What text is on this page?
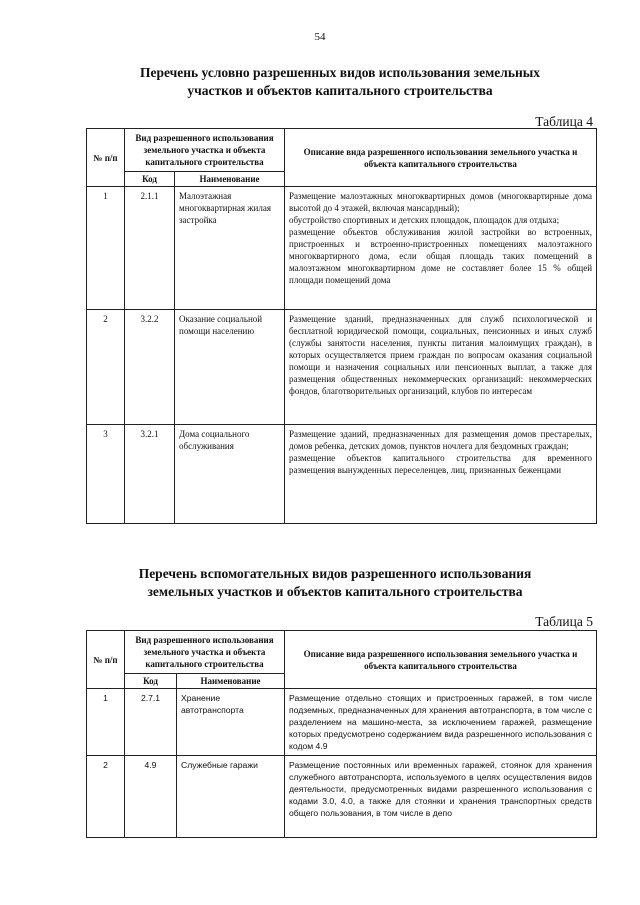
54
Перечень условно разрешенных видов использования земельных
участков и объектов капитального строительства
Таблица 4
№ п/п	Вид разрешенного использования земельного участка и объекта капитального строительства		Описание вида разрешенного использования земельного участка и объекта капитального строительства
	Код	Наименование	
1	2.1.1	Малоэтажная многоквартирная жилая застройка	Размещение малоэтажных многоквартирных домов (многоквартирные дома высотой до 4 этажей, включая мансардный);
обустройство спортивных и детских площадок, площадок для отдыха;
размещение объектов обслуживания жилой застройки во встроенных, пристроенных и встроенно-пристроенных помещениях малоэтажного многоквартирного дома, если общая площадь таких помещений в малоэтажном многоквартирном доме не составляет более 15 % общей площади помещений дома

2	3.2.2	Оказание социальной помощи населению	Размещение зданий, предназначенных для служб психологической и бесплатной юридической помощи, социальных, пенсионных и иных служб (службы занятости населения, пункты питания малоимущих граждан), в которых осуществляется прием граждан по вопросам оказания социальной помощи и назначения социальных или пенсионных выплат, а также для размещения общественных некоммерческих организаций: некоммерческих фондов, благотворительных организаций, клубов по интересам

3	3.2.1	Дома социального обслуживания	Размещение зданий, предназначенных для размещения домов престарелых, домов ребенка, детских домов, пунктов ночлега для бездомных граждан;
размещение объектов капитального строительства для временного размещения вынужденных переселенцев, лиц, признанных беженцами
Перечень вспомогательных видов разрешенного использования
земельных участков и объектов капитального строительства
Таблица 5
№ п/п	Вид разрешенного использования земельного участка и объекта капитального строительства		Описание вида разрешенного использования земельного участка и объекта капитального строительства
	Код	Наименование	
1	2.7.1	Хранение автотранспорта	Размещение отдельно стоящих и пристроенных гаражей, в том числе подземных, предназначенных для хранения автотранспорта, в том числе с разделением на машино-места, за исключением гаражей, размещение которых предусмотрено содержанием вида разрешенного использования с кодом 4.9

2	4.9	Служебные гаражи	Размещение постоянных или временных гаражей, стоянок для хранения служебного автотранспорта, используемого в целях осуществления видов деятельности, предусмотренных видами разрешенного использования с кодами 3.0, 4.0, а также для стоянки и хранения транспортных средств общего пользования, в том числе в депо
